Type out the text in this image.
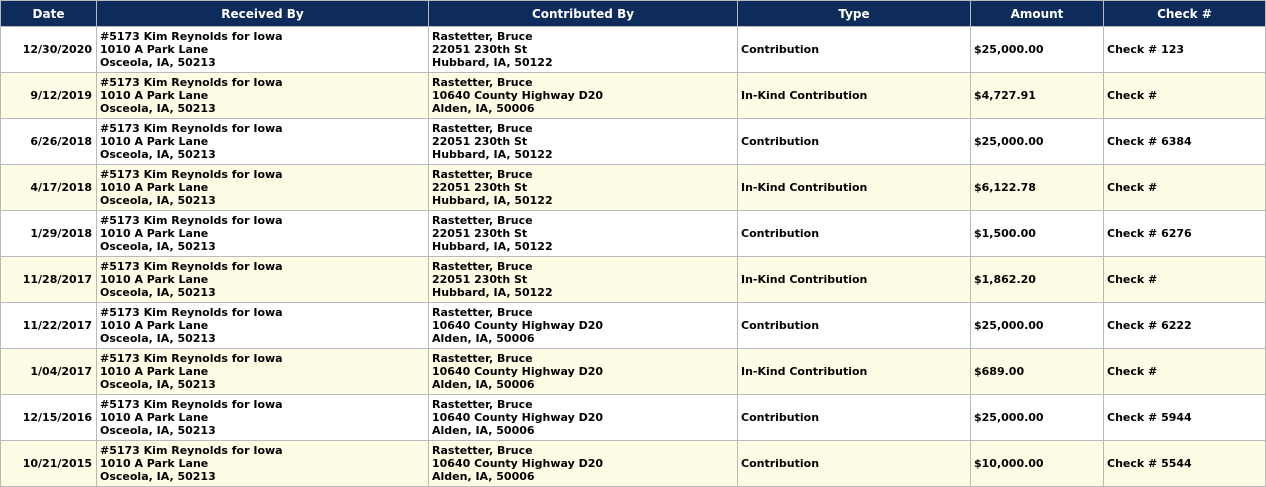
Date	Received By	Contributed By	Type	Amount	Check #
12/30/2020	#5173 Kim Reynolds for Iowa
1010 A Park Lane
Osceola, IA, 50213	Rastetter, Bruce
22051 230th St
Hubbard, IA, 50122	Contribution	$25,000.00	Check # 123
9/12/2019	#5173 Kim Reynolds for Iowa
1010 A Park Lane
Osceola, IA, 50213	Rastetter, Bruce
10640 County Highway D20
Alden, IA, 50006	In-Kind Contribution	$4,727.91	Check #
6/26/2018	#5173 Kim Reynolds for Iowa
1010 A Park Lane
Osceola, IA, 50213	Rastetter, Bruce
22051 230th St
Hubbard, IA, 50122	Contribution	$25,000.00	Check # 6384
4/17/2018	#5173 Kim Reynolds for Iowa
1010 A Park Lane
Osceola, IA, 50213	Rastetter, Bruce
22051 230th St
Hubbard, IA, 50122	In-Kind Contribution	$6,122.78	Check #
1/29/2018	#5173 Kim Reynolds for Iowa
1010 A Park Lane
Osceola, IA, 50213	Rastetter, Bruce
22051 230th St
Hubbard, IA, 50122	Contribution	$1,500.00	Check # 6276
11/28/2017	#5173 Kim Reynolds for Iowa
1010 A Park Lane
Osceola, IA, 50213	Rastetter, Bruce
22051 230th St
Hubbard, IA, 50122	In-Kind Contribution	$1,862.20	Check #
11/22/2017	#5173 Kim Reynolds for Iowa
1010 A Park Lane
Osceola, IA, 50213	Rastetter, Bruce
10640 County Highway D20
Alden, IA, 50006	Contribution	$25,000.00	Check # 6222
1/04/2017	#5173 Kim Reynolds for Iowa
1010 A Park Lane
Osceola, IA, 50213	Rastetter, Bruce
10640 County Highway D20
Alden, IA, 50006	In-Kind Contribution	$689.00	Check #
12/15/2016	#5173 Kim Reynolds for Iowa
1010 A Park Lane
Osceola, IA, 50213	Rastetter, Bruce
10640 County Highway D20
Alden, IA, 50006	Contribution	$25,000.00	Check # 5944
10/21/2015	#5173 Kim Reynolds for Iowa
1010 A Park Lane
Osceola, IA, 50213	Rastetter, Bruce
10640 County Highway D20
Alden, IA, 50006	Contribution	$10,000.00	Check # 5544
